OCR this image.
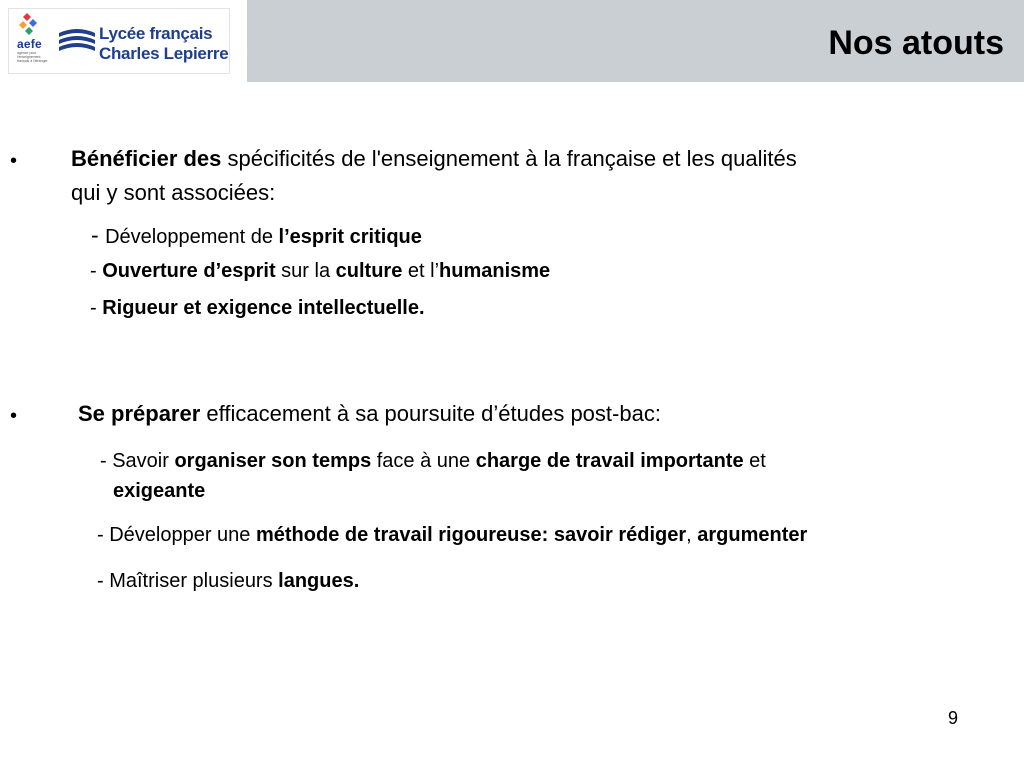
aefe
agence pour l'enseignement français à l'étranger
Lycée français
Charles Lepierre	Nos atouts
• Bénéficier des spécificités de l'enseignement à la française et les qualités
qui y sont associées:
- Développement de l’esprit critique
- Ouverture d’esprit sur la culture et l’humanisme
- Rigueur et exigence intellectuelle.
•	Se préparer efficacement à sa poursuite d’études post-bac:
- Savoir organiser son temps face à une charge de travail importante et
exigeante
- Développer une méthode de travail rigoureuse: savoir rédiger, argumenter
- Maîtriser plusieurs langues.
9
